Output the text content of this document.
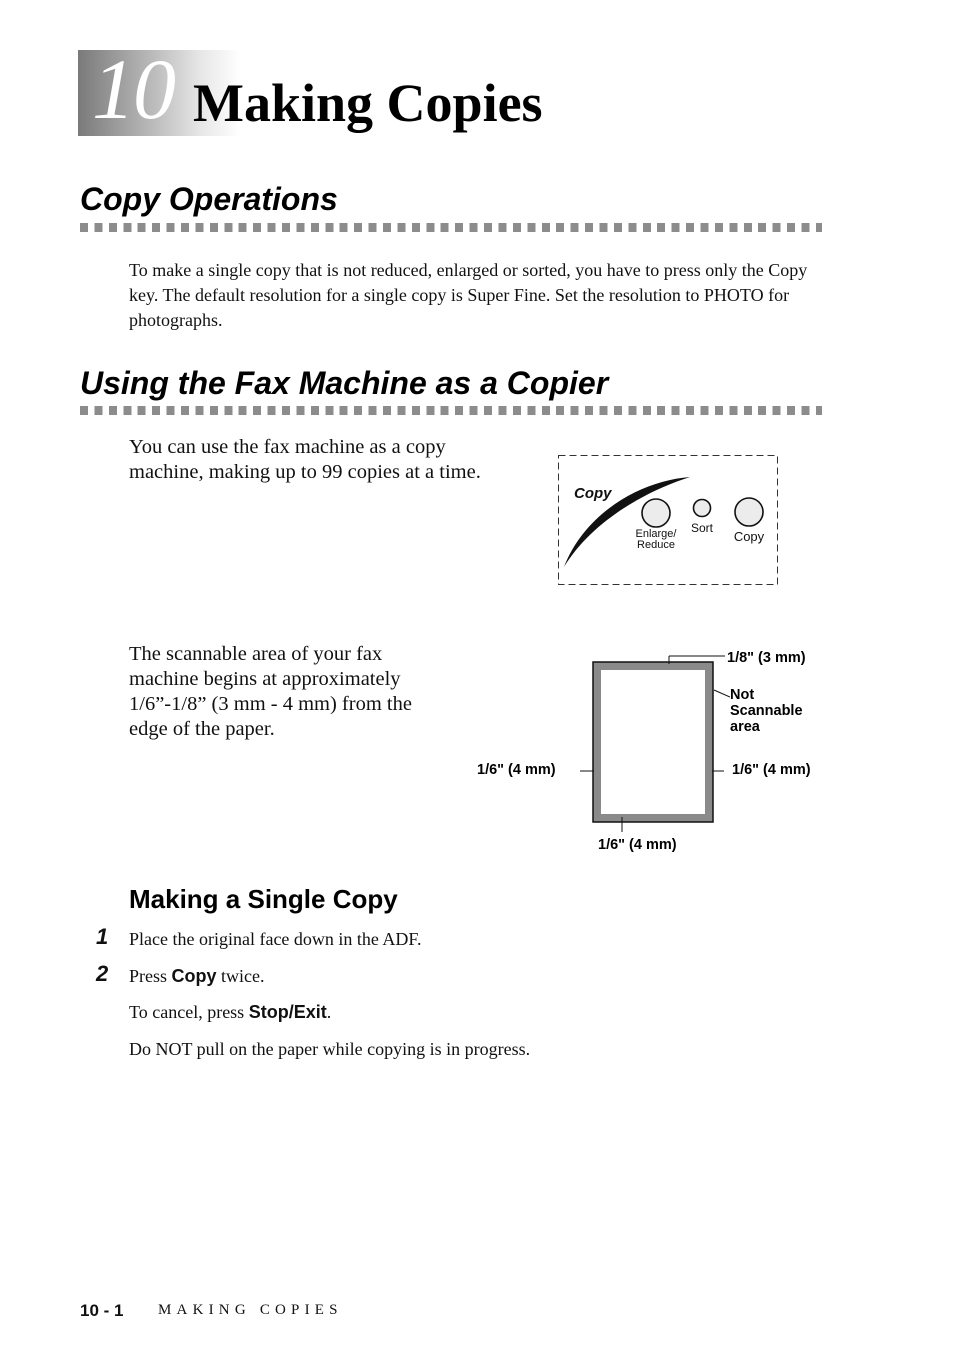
10 Making Copies
Copy Operations
To make a single copy that is not reduced, enlarged or sorted, you have to press only the Copy key. The default resolution for a single copy is Super Fine. Set the resolution to PHOTO for photographs.
Using the Fax Machine as a Copier
You can use the fax machine as a copy
machine, making up to 99 copies at a time.
Copy
Enlarge/
Reduce
Sort
Copy
The scannable area of your fax
machine begins at approximately
1/6”-1/8” (3 mm - 4 mm) from the
edge of the paper.
1/8" (3 mm)
Not
Scannable
area
1/6" (4 mm)	1/6" (4 mm)
1/6" (4 mm)
Making a Single Copy
1 Place the original face down in the ADF.
2 Press Copy twice.
To cancel, press Stop/Exit.
Do NOT pull on the paper while copying is in progress.
10 - 1 MAKING COPIES
